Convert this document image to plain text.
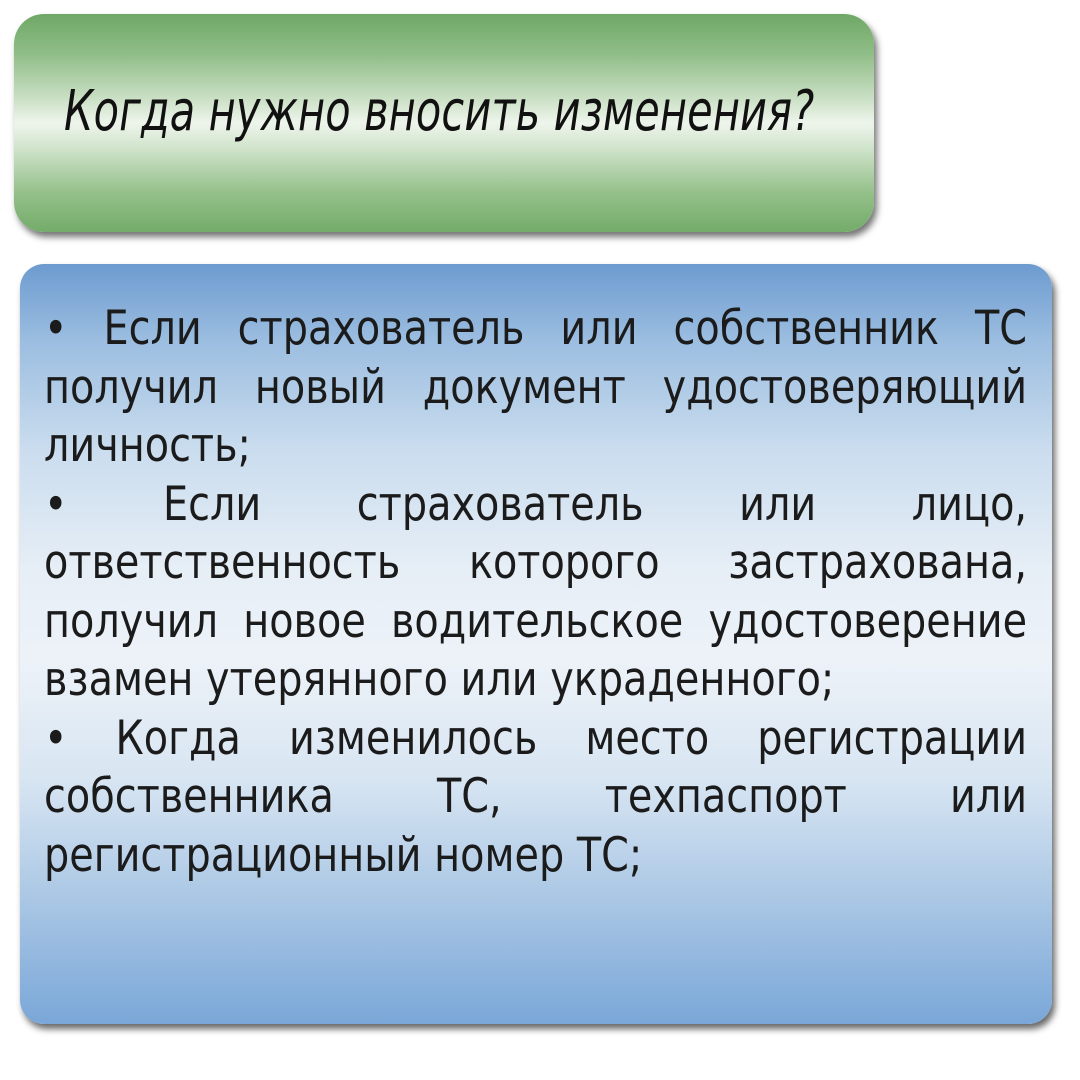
Когда нужно вносить изменения?
• Если страхователь или собственник ТС получил новый документ удостоверяющий личность;
• Если страхователь или лицо, ответственность которого застрахована, получил новое водительское удостоверение взамен утерянного или украденного;
• Когда изменилось место регистрации собственника ТС, техпаспорт или регистрационный номер ТС;
